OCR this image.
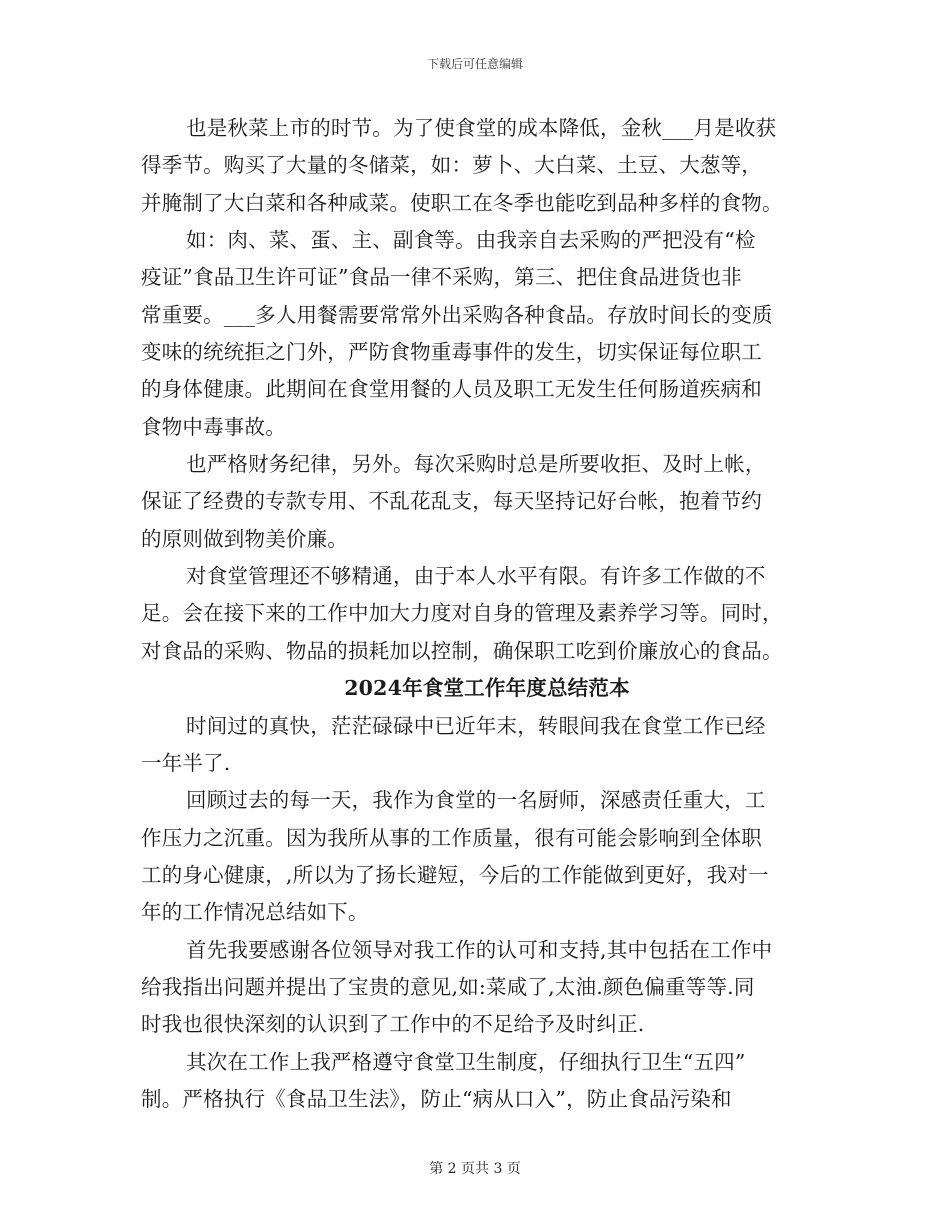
下载后可任意编辑
也是秋菜上市的时节。为了使食堂的成本降低，金秋___月是收获
得季节。购买了大量的冬储菜，如：萝卜、大白菜、土豆、大葱等，
并腌制了大白菜和各种咸菜。使职工在冬季也能吃到品种多样的食物。
如：肉、菜、蛋、主、副食等。由我亲自去采购的严把没有“检
疫证”食品卫生许可证”食品一律不采购，第三、把住食品进货也非
常重要。___多人用餐需要常常外出采购各种食品。存放时间长的变质
变味的统统拒之门外，严防食物重毒事件的发生，切实保证每位职工
的身体健康。此期间在食堂用餐的人员及职工无发生任何肠道疾病和
食物中毒事故。
也严格财务纪律，另外。每次采购时总是所要收拒、及时上帐，
保证了经费的专款专用、不乱花乱支，每天坚持记好台帐，抱着节约
的原则做到物美价廉。
对食堂管理还不够精通，由于本人水平有限。有许多工作做的不
足。会在接下来的工作中加大力度对自身的管理及素养学习等。同时，
对食品的采购、物品的损耗加以控制，确保职工吃到价廉放心的食品。
2024年食堂工作年度总结范本
时间过的真快，茫茫碌碌中已近年末，转眼间我在食堂工作已经
一年半了.
回顾过去的每一天，我作为食堂的一名厨师，深感责任重大，工
作压力之沉重。因为我所从事的工作质量，很有可能会影响到全体职
工的身心健康，,所以为了扬长避短，今后的工作能做到更好，我对一
年的工作情况总结如下。
首先我要感谢各位领导对我工作的认可和支持,其中包括在工作中
给我指出问题并提出了宝贵的意见,如:菜咸了,太油.颜色偏重等等.同
时我也很快深刻的认识到了工作中的不足给予及时纠正.
其次在工作上我严格遵守食堂卫生制度，仔细执行卫生“五四”
制。严格执行《食品卫生法》，防止“病从口入”，防止食品污染和
第 2 页共 3 页
